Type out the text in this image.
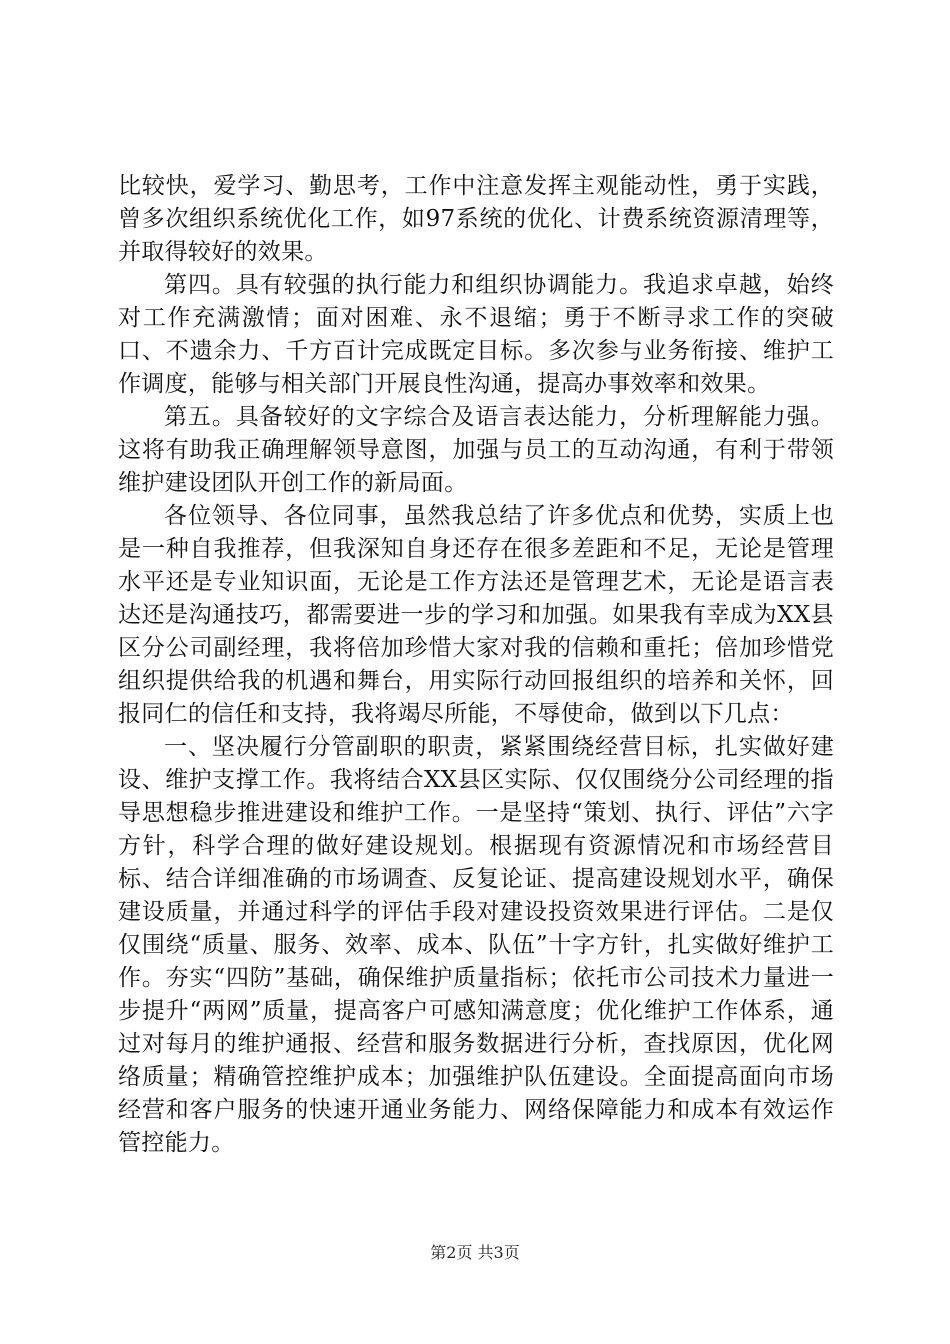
比较快，爱学习、勤思考，工作中注意发挥主观能动性，勇于实践，曾多次组织系统优化工作，如97系统的优化、计费系统资源清理等，并取得较好的效果。

第四。具有较强的执行能力和组织协调能力。我追求卓越，始终对工作充满激情；面对困难、永不退缩；勇于不断寻求工作的突破口、不遗余力、千方百计完成既定目标。多次参与业务衔接、维护工作调度，能够与相关部门开展良性沟通，提高办事效率和效果。

第五。具备较好的文字综合及语言表达能力，分析理解能力强。这将有助我正确理解领导意图，加强与员工的互动沟通，有利于带领维护建设团队开创工作的新局面。

各位领导、各位同事，虽然我总结了许多优点和优势，实质上也是一种自我推荐，但我深知自身还存在很多差距和不足，无论是管理水平还是专业知识面，无论是工作方法还是管理艺术，无论是语言表达还是沟通技巧，都需要进一步的学习和加强。如果我有幸成为XX县区分公司副经理，我将倍加珍惜大家对我的信赖和重托；倍加珍惜党组织提供给我的机遇和舞台，用实际行动回报组织的培养和关怀，回报同仁的信任和支持，我将竭尽所能，不辱使命，做到以下几点：

一、坚决履行分管副职的职责，紧紧围绕经营目标，扎实做好建设、维护支撑工作。我将结合XX县区实际、仅仅围绕分公司经理的指导思想稳步推进建设和维护工作。一是坚持“策划、执行、评估”六字方针，科学合理的做好建设规划。根据现有资源情况和市场经营目标、结合详细准确的市场调查、反复论证、提高建设规划水平，确保建设质量，并通过科学的评估手段对建设投资效果进行评估。二是仅仅围绕“质量、服务、效率、成本、队伍”十字方针，扎实做好维护工作。夯实“四防”基础，确保维护质量指标；依托市公司技术力量进一步提升“两网”质量，提高客户可感知满意度；优化维护工作体系，通过对每月的维护通报、经营和服务数据进行分析，查找原因，优化网络质量；精确管控维护成本；加强维护队伍建设。全面提高面向市场经营和客户服务的快速开通业务能力、网络保障能力和成本有效运作管控能力。

第2页 共3页
